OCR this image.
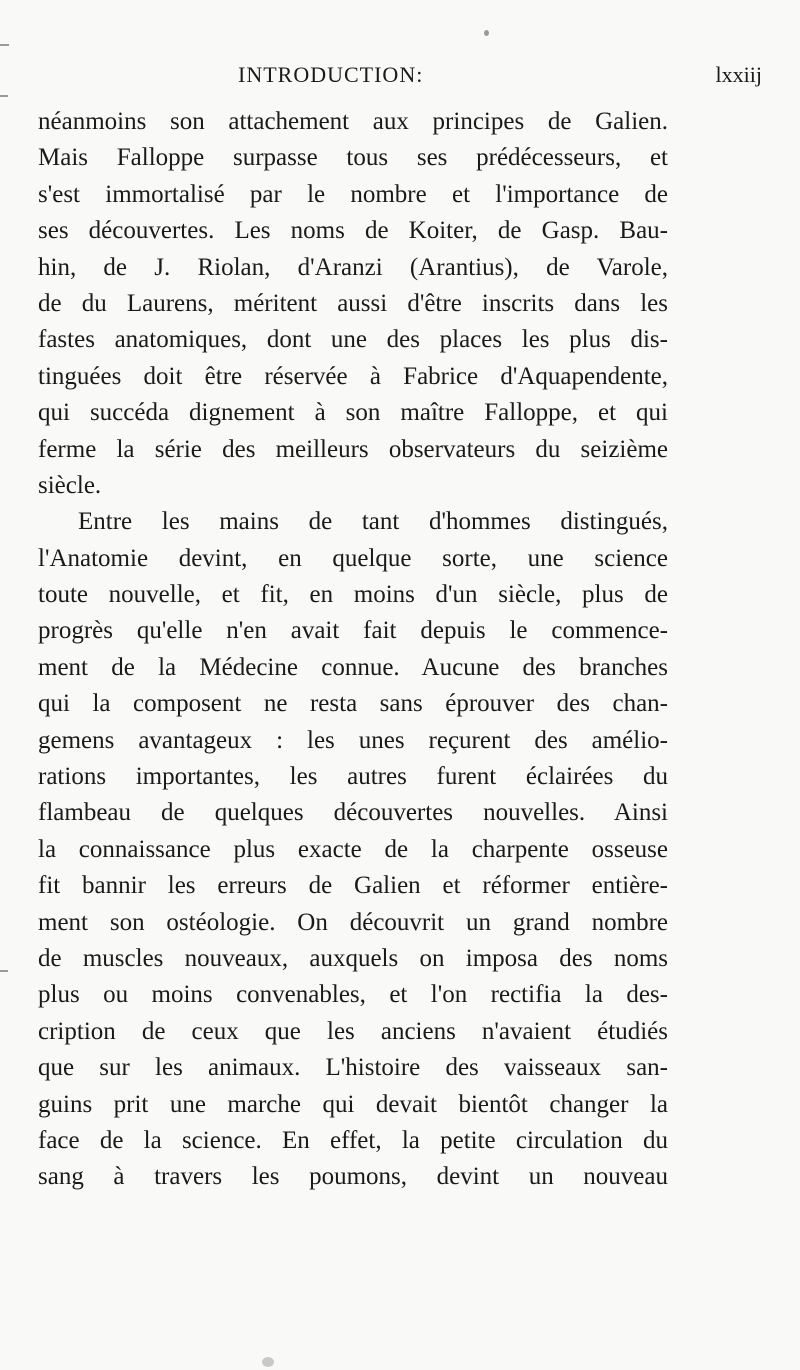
INTRODUCTION:	lxxiij
néanmoins son attachement aux principes de Galien.
Mais Falloppe surpasse tous ses prédécesseurs, et
s'est immortalisé par le nombre et l'importance de
ses découvertes. Les noms de Koiter, de Gasp. Bau-
hin, de J. Riolan, d'Aranzi (Arantius), de Varole,
de du Laurens, méritent aussi d'être inscrits dans les
fastes anatomiques, dont une des places les plus dis-
tinguées doit être réservée à Fabrice d'Aquapendente,
qui succéda dignement à son maître Falloppe, et qui
ferme la série des meilleurs observateurs du seizième
siècle.
Entre les mains de tant d'hommes distingués,
l'Anatomie devint, en quelque sorte, une science
toute nouvelle, et fit, en moins d'un siècle, plus de
progrès qu'elle n'en avait fait depuis le commence-
ment de la Médecine connue. Aucune des branches
qui la composent ne resta sans éprouver des chan-
gemens avantageux : les unes reçurent des amélio-
rations importantes, les autres furent éclairées du
flambeau de quelques découvertes nouvelles. Ainsi
la connaissance plus exacte de la charpente osseuse
fit bannir les erreurs de Galien et réformer entière-
ment son ostéologie. On découvrit un grand nombre
de muscles nouveaux, auxquels on imposa des noms
plus ou moins convenables, et l'on rectifia la des-
cription de ceux que les anciens n'avaient étudiés
que sur les animaux. L'histoire des vaisseaux san-
guins prit une marche qui devait bientôt changer la
face de la science. En effet, la petite circulation du
sang à travers les poumons, devint un nouveau
